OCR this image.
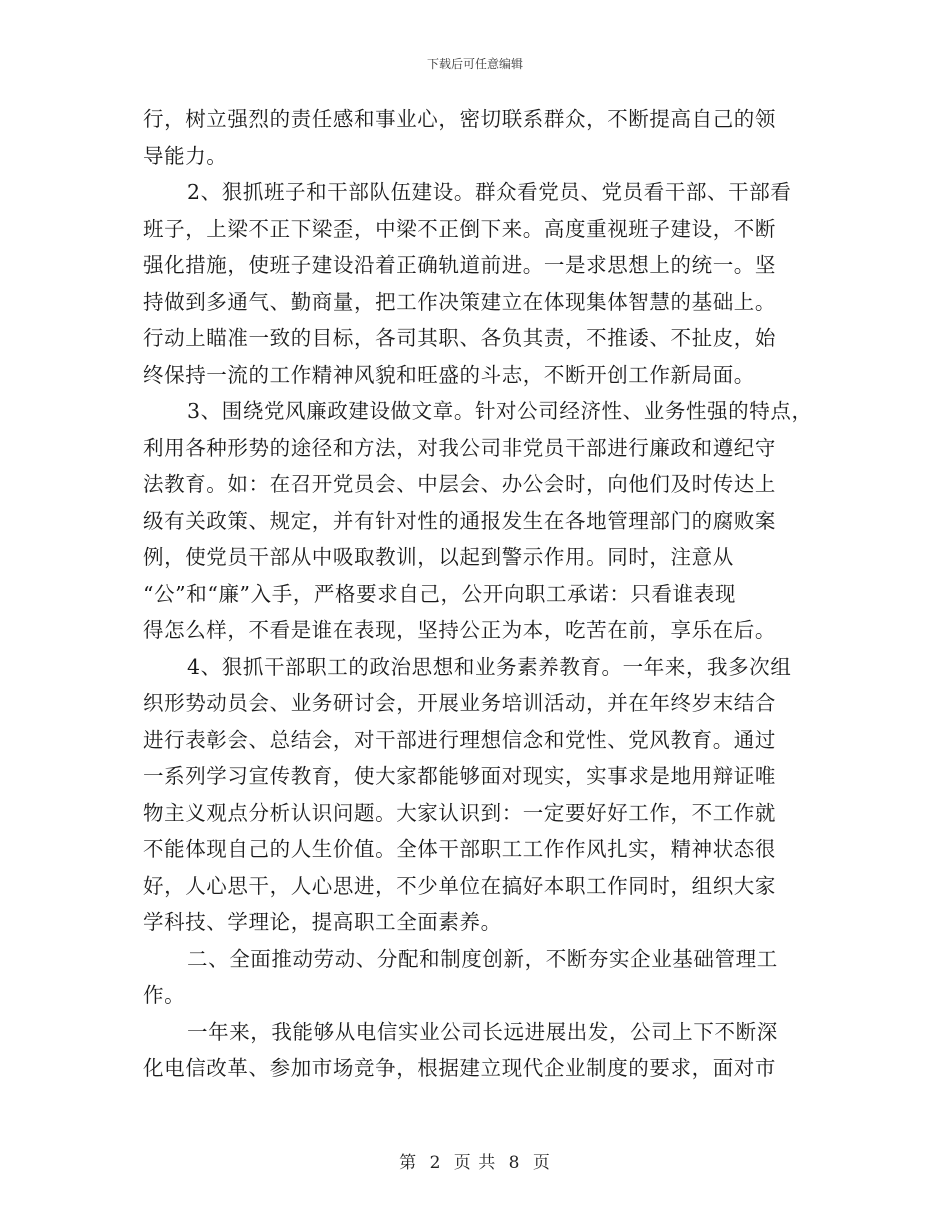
下载后可任意编辑
行，树立强烈的责任感和事业心，密切联系群众，不断提高自己的领
导能力。
2、狠抓班子和干部队伍建设。群众看党员、党员看干部、干部看
班子，上梁不正下梁歪，中梁不正倒下来。高度重视班子建设，不断
强化措施，使班子建设沿着正确轨道前进。一是求思想上的统一。坚
持做到多通气、勤商量，把工作决策建立在体现集体智慧的基础上。
行动上瞄准一致的目标，各司其职、各负其责，不推诿、不扯皮，始
终保持一流的工作精神风貌和旺盛的斗志，不断开创工作新局面。
3、围绕党风廉政建设做文章。针对公司经济性、业务性强的特点，
利用各种形势的途径和方法，对我公司非党员干部进行廉政和遵纪守
法教育。如：在召开党员会、中层会、办公会时，向他们及时传达上
级有关政策、规定，并有针对性的通报发生在各地管理部门的腐败案
例，使党员干部从中吸取教训，以起到警示作用。同时，注意从
“公”和“廉”入手，严格要求自己，公开向职工承诺：只看谁表现
得怎么样，不看是谁在表现，坚持公正为本，吃苦在前，享乐在后。
4、狠抓干部职工的政治思想和业务素养教育。一年来，我多次组
织形势动员会、业务研讨会，开展业务培训活动，并在年终岁末结合
进行表彰会、总结会，对干部进行理想信念和党性、党风教育。通过
一系列学习宣传教育，使大家都能够面对现实，实事求是地用辩证唯
物主义观点分析认识问题。大家认识到：一定要好好工作，不工作就
不能体现自己的人生价值。全体干部职工工作作风扎实，精神状态很
好，人心思干，人心思进，不少单位在搞好本职工作同时，组织大家
学科技、学理论，提高职工全面素养。
二、全面推动劳动、分配和制度创新，不断夯实企业基础管理工
作。
一年来，我能够从电信实业公司长远进展出发，公司上下不断深
化电信改革、参加市场竞争，根据建立现代企业制度的要求，面对市
第 2 页 共 8 页
